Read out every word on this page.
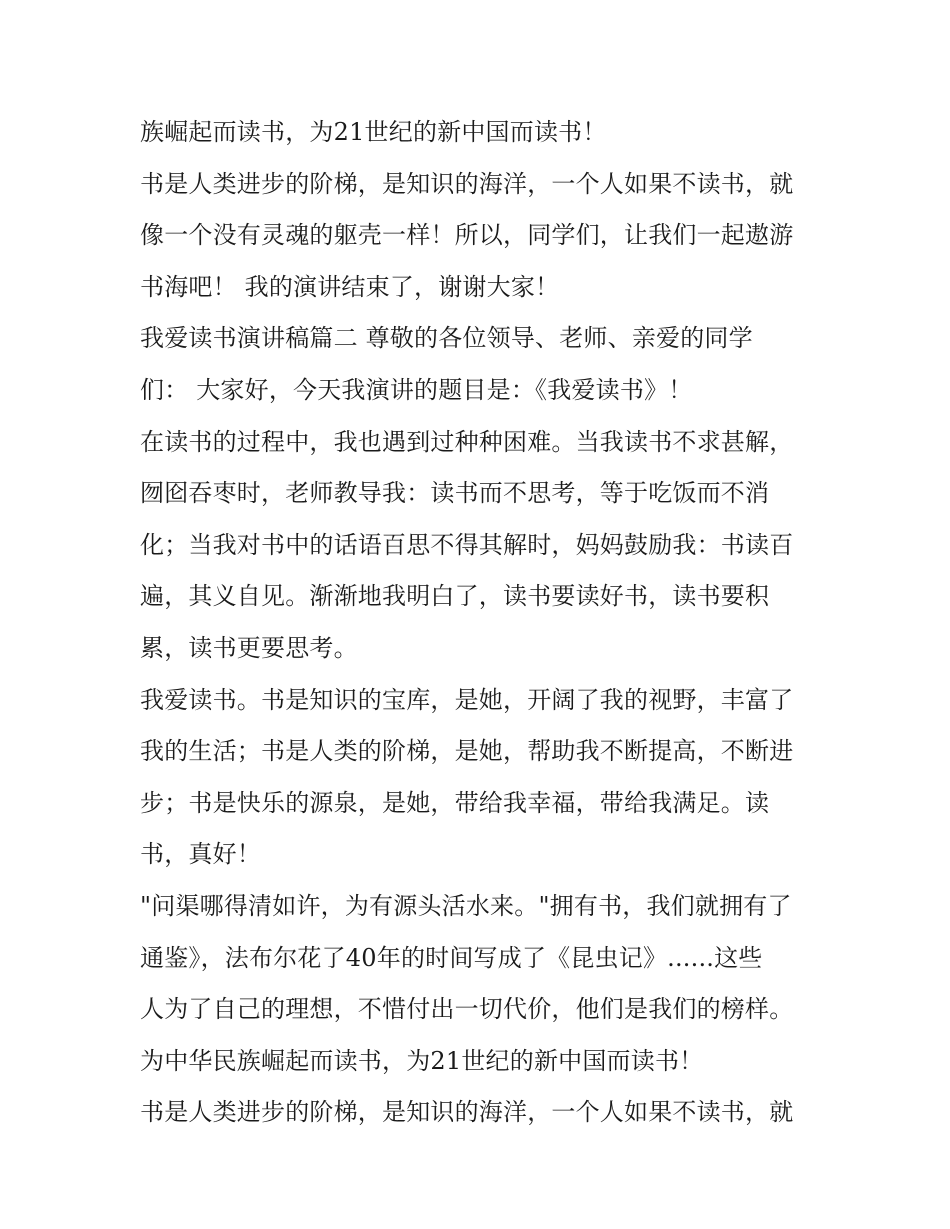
族崛起而读书，为21世纪的新中国而读书！
书是人类进步的阶梯，是知识的海洋，一个人如果不读书，就
像一个没有灵魂的躯壳一样！所以，同学们，让我们一起遨游
书海吧！ 我的演讲结束了，谢谢大家！
我爱读书演讲稿篇二 尊敬的各位领导、老师、亲爱的同学
们： 大家好，今天我演讲的题目是：《我爱读书》！
在读书的过程中，我也遇到过种种困难。当我读书不求甚解，
囫囵吞枣时，老师教导我：读书而不思考，等于吃饭而不消
化；当我对书中的话语百思不得其解时，妈妈鼓励我：书读百
遍，其义自见。渐渐地我明白了，读书要读好书，读书要积
累，读书更要思考。
我爱读书。书是知识的宝库，是她，开阔了我的视野，丰富了
我的生活；书是人类的阶梯，是她，帮助我不断提高，不断进
步；书是快乐的源泉，是她，带给我幸福，带给我满足。读
书，真好！
"问渠哪得清如许，为有源头活水来。"拥有书，我们就拥有了
通鉴》，法布尔花了40年的时间写成了《昆虫记》......这些
人为了自己的理想，不惜付出一切代价，他们是我们的榜样。
为中华民族崛起而读书，为21世纪的新中国而读书！
书是人类进步的阶梯，是知识的海洋，一个人如果不读书，就
